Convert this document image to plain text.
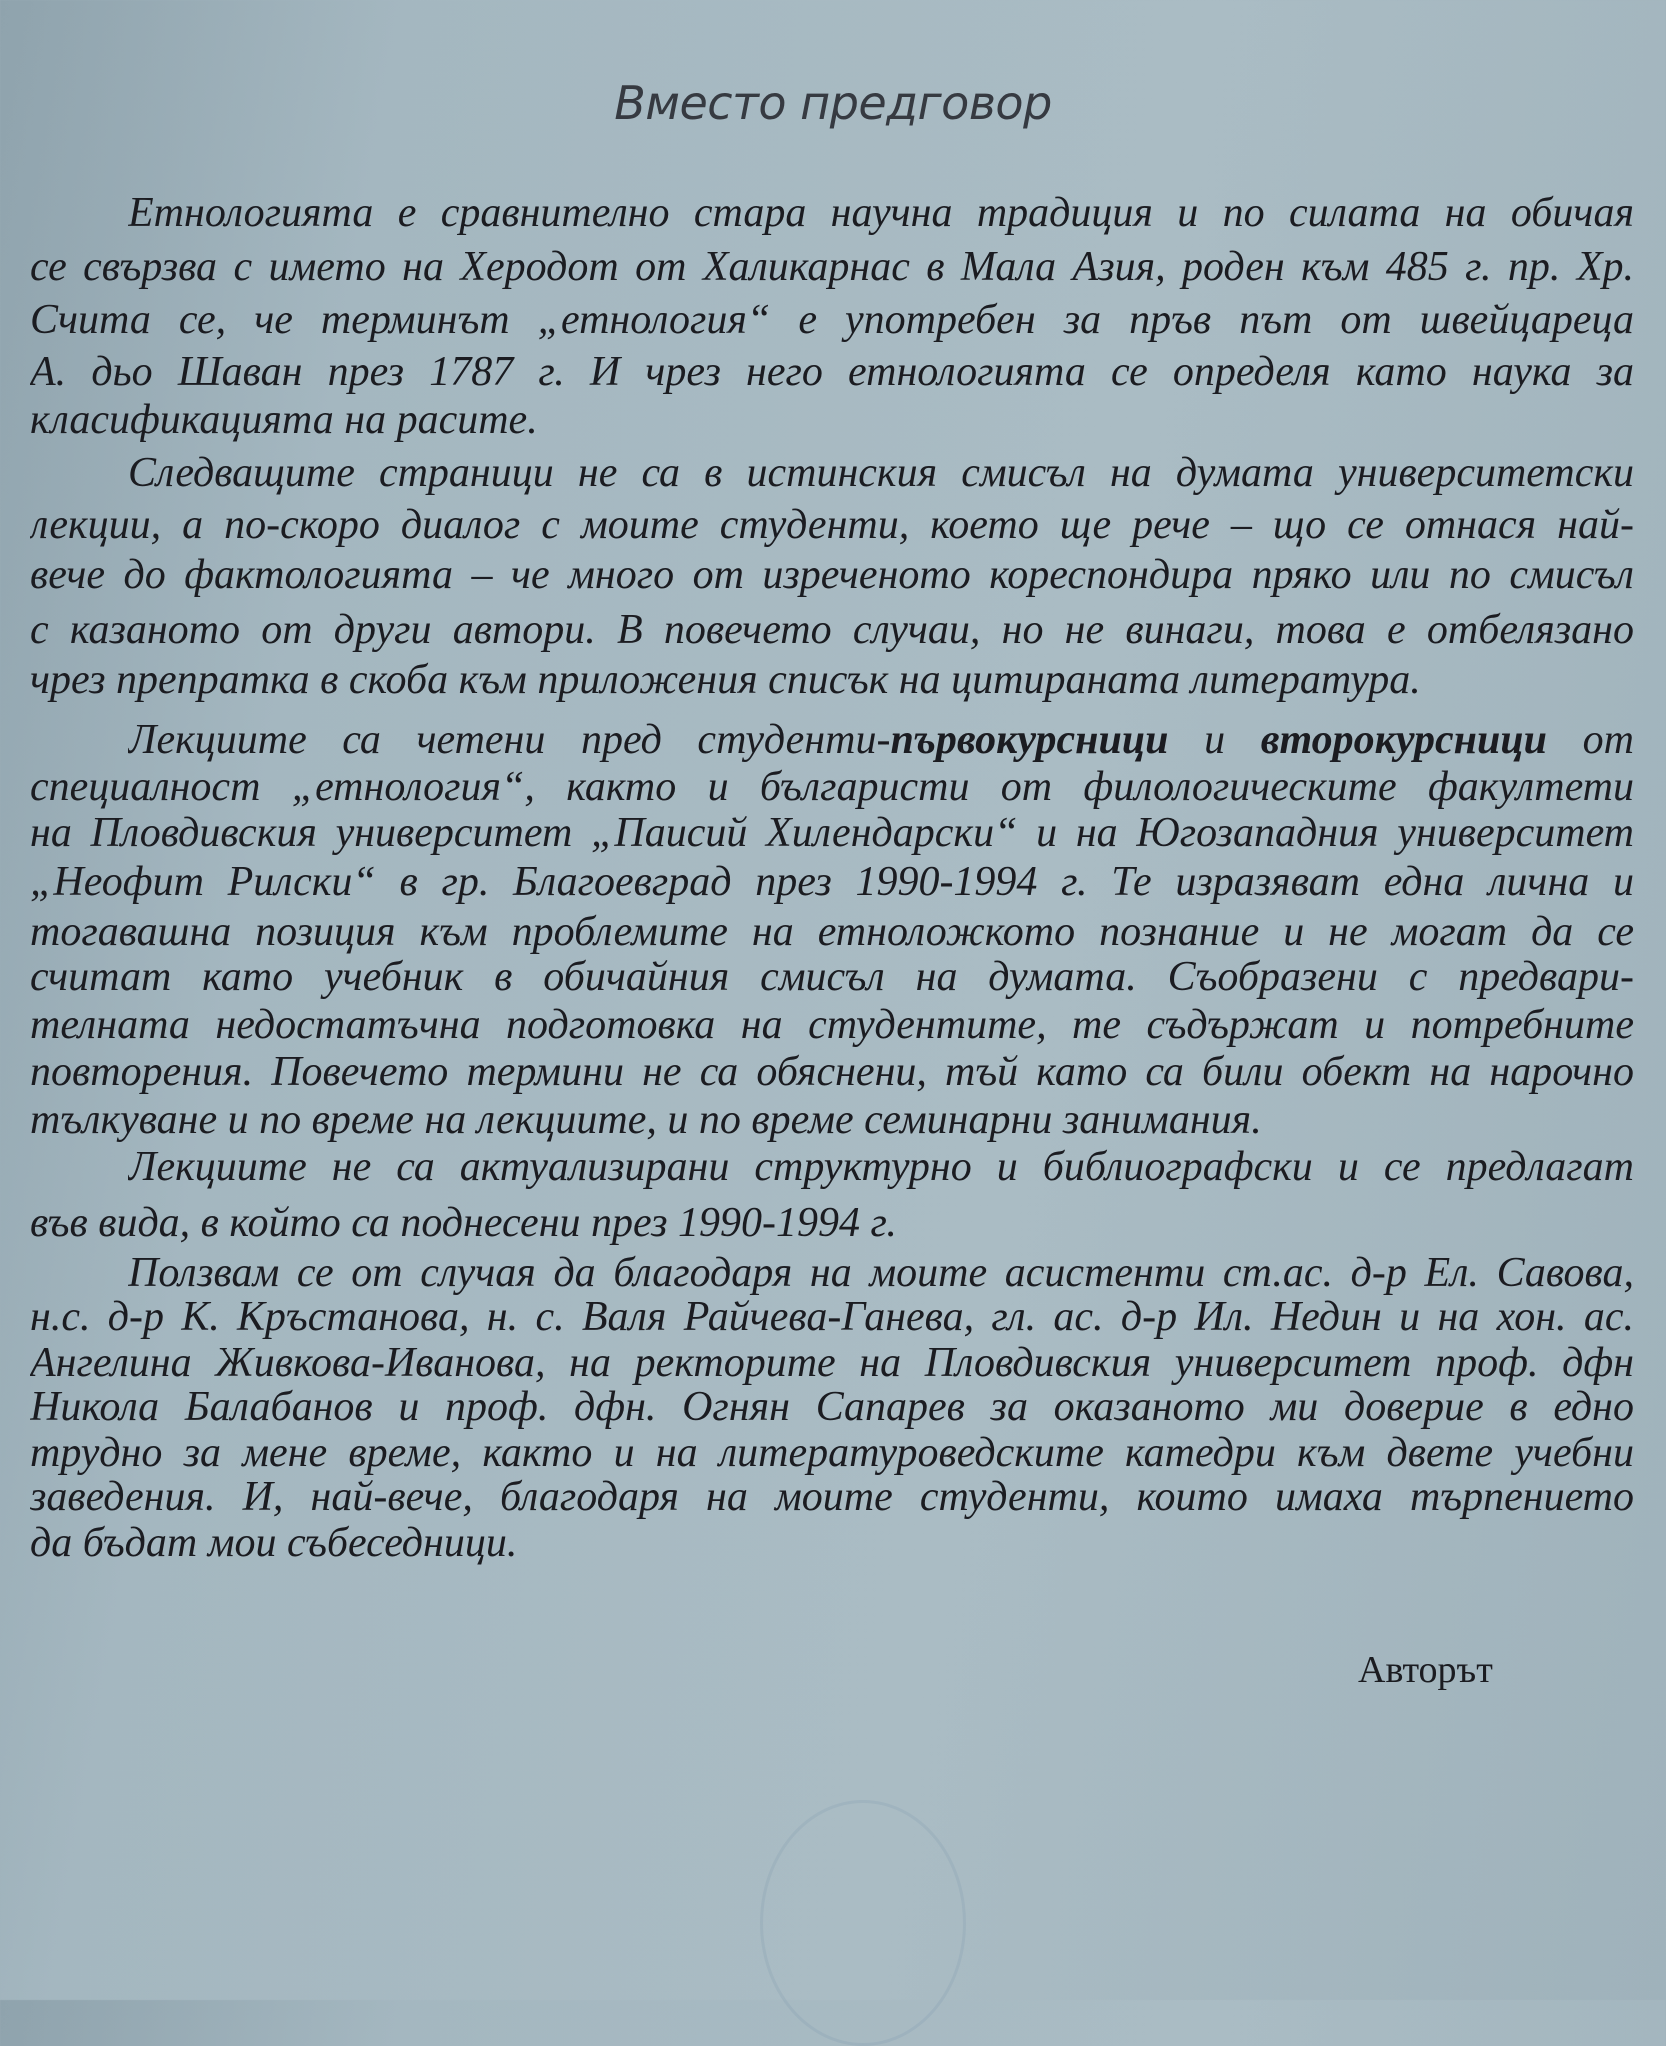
Вместо предговор
Етнологията е сравнително стара научна традиция и по силата на обичая
се свързва с името на Херодот от Халикарнас в Мала Азия, роден към 485 г. пр. Хр.
Счита се, че терминът „етнология“ е употребен за пръв път от швейцареца
А. дьо Шаван през 1787 г. И чрез него етнологията се определя като наука за
класификацията на расите.
Следващите страници не са в истинския смисъл на думата университетски
лекции, а по-скоро диалог с моите студенти, което ще рече – що се отнася най-
вече до фактологията – че много от изреченото кореспондира пряко или по смисъл
с казаното от други автори. В повечето случаи, но не винаги, това е отбелязано
чрез препратка в скоба към приложения списък на цитираната литература.
Лекциите са четени пред студенти-първокурсници и второкурсници от
специалност „етнология“, както и българисти от филологическите факултети
на Пловдивския университет „Паисий Хилендарски“ и на Югозападния университет
„Неофит Рилски“ в гр. Благоевград през 1990-1994 г. Те изразяват една лична и
тогавашна позиция към проблемите на етноложкото познание и не могат да се
считат като учебник в обичайния смисъл на думата. Съобразени с предвари-
телната недостатъчна подготовка на студентите, те съдържат и потребните
повторения. Повечето термини не са обяснени, тъй като са били обект на нарочно
тълкуване и по време на лекциите, и по време семинарни занимания.
Лекциите не са актуализирани структурно и библиографски и се предлагат
във вида, в който са поднесени през 1990-1994 г.
Ползвам се от случая да благодаря на моите асистенти ст.ас. д-р Ел. Савова,
н.с. д-р К. Кръстанова, н. с. Валя Райчева-Ганева, гл. ас. д-р Ил. Недин и на хон. ас.
Ангелина Живкова-Иванова, на ректорите на Пловдивския университет проф. дфн
Никола Балабанов и проф. дфн. Огнян Сапарев за оказаното ми доверие в едно
трудно за мене време, както и на литературоведските катедри към двете учебни
заведения. И, най-вече, благодаря на моите студенти, които имаха търпението
да бъдат мои събеседници.
Авторът
